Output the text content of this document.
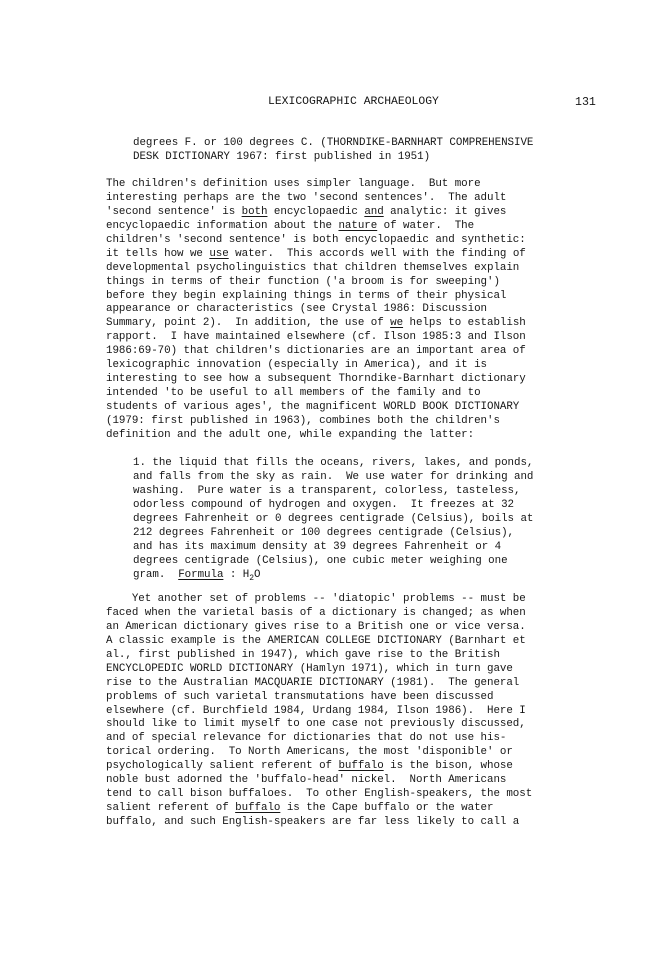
LEXICOGRAPHIC ARCHAEOLOGY	131
degrees F. or 100 degrees C. (THORNDIKE-BARNHART COMPREHENSIVE
DESK DICTIONARY 1967: first published in 1951)
The children's definition uses simpler language.  But more
interesting perhaps are the two 'second sentences'.  The adult
'second sentence' is both encyclopaedic and analytic: it gives
encyclopaedic information about the nature of water.  The
children's 'second sentence' is both encyclopaedic and synthetic:
it tells how we use water.  This accords well with the finding of
developmental psycholinguistics that children themselves explain
things in terms of their function ('a broom is for sweeping')
before they begin explaining things in terms of their physical
appearance or characteristics (see Crystal 1986: Discussion
Summary, point 2).  In addition, the use of we helps to establish
rapport.  I have maintained elsewhere (cf. Ilson 1985:3 and Ilson
1986:69-70) that children's dictionaries are an important area of
lexicographic innovation (especially in America), and it is
interesting to see how a subsequent Thorndike-Barnhart dictionary
intended 'to be useful to all members of the family and to
students of various ages', the magnificent WORLD BOOK DICTIONARY
(1979: first published in 1963), combines both the children's
definition and the adult one, while expanding the latter:
1. the liquid that fills the oceans, rivers, lakes, and ponds,
and falls from the sky as rain.  We use water for drinking and
washing.  Pure water is a transparent, colorless, tasteless,
odorless compound of hydrogen and oxygen.  It freezes at 32
degrees Fahrenheit or 0 degrees centigrade (Celsius), boils at
212 degrees Fahrenheit or 100 degrees centigrade (Celsius),
and has its maximum density at 39 degrees Fahrenheit or 4
degrees centigrade (Celsius), one cubic meter weighing one
gram.  Formula : $H_2O$
Yet another set of problems -- 'diatopic' problems -- must be
faced when the varietal basis of a dictionary is changed; as when
an American dictionary gives rise to a British one or vice versa.
A classic example is the AMERICAN COLLEGE DICTIONARY (Barnhart et
al., first published in 1947), which gave rise to the British
ENCYCLOPEDIC WORLD DICTIONARY (Hamlyn 1971), which in turn gave
rise to the Australian MACQUARIE DICTIONARY (1981).  The general
problems of such varietal transmutations have been discussed
elsewhere (cf. Burchfield 1984, Urdang 1984, Ilson 1986).  Here I
should like to limit myself to one case not previously discussed,
and of special relevance for dictionaries that do not use his-
torical ordering.  To North Americans, the most 'disponible' or
psychologically salient referent of buffalo is the bison, whose
noble bust adorned the 'buffalo-head' nickel.  North Americans
tend to call bison buffaloes.  To other English-speakers, the most
salient referent of buffalo is the Cape buffalo or the water
buffalo, and such English-speakers are far less likely to call a
